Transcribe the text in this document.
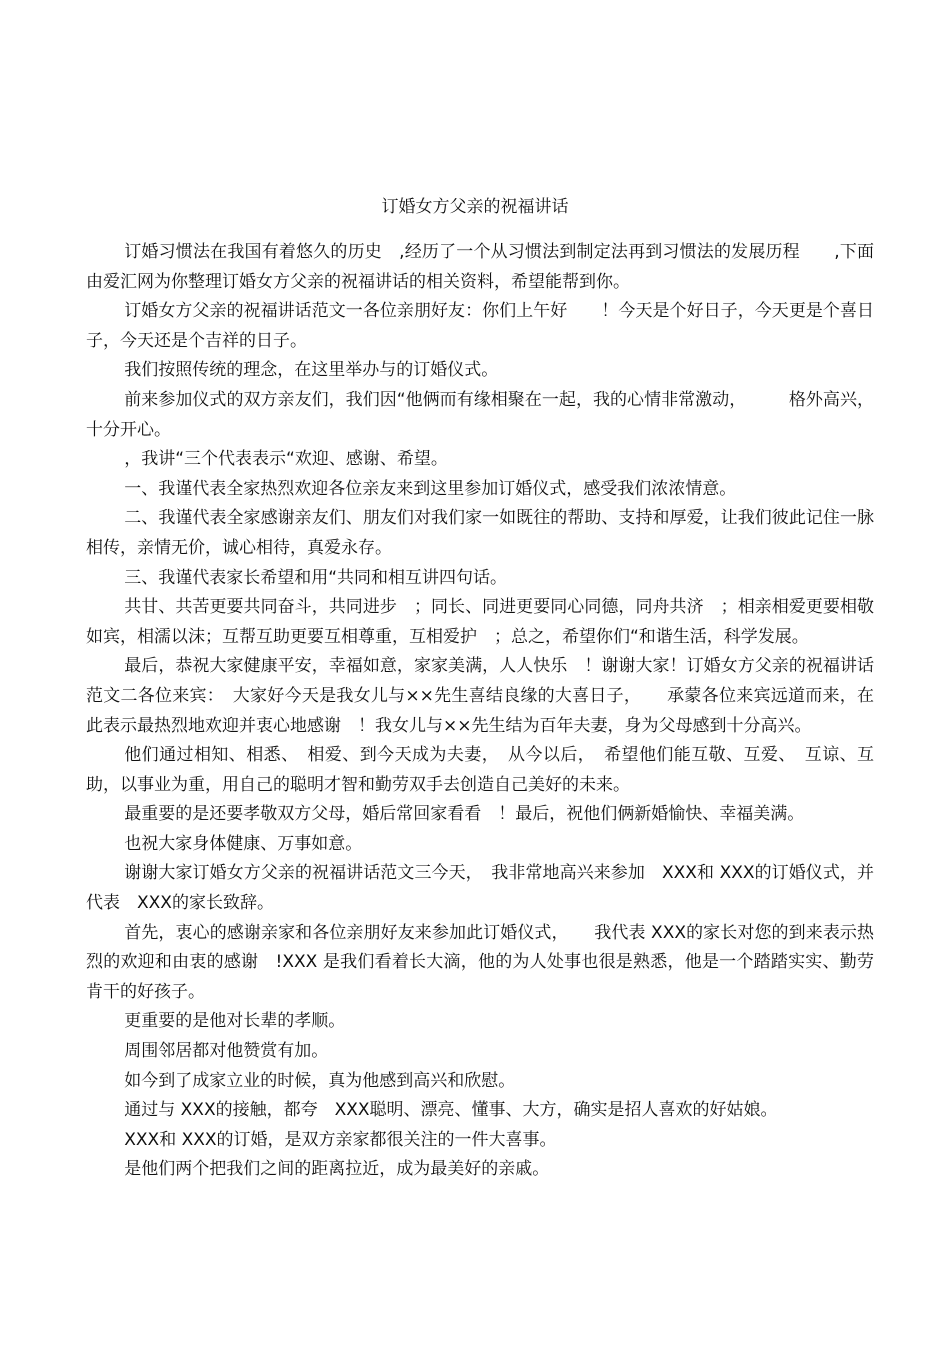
订婚女方父亲的祝福讲话

订婚习惯法在我国有着悠久的历史　,经历了一个从习惯法到制定法再到习惯法的发展历程　　,下面由爱汇网为你整理订婚女方父亲的祝福讲话的相关资料，希望能帮到你。

订婚女方父亲的祝福讲话范文一各位亲朋好友：你们上午好　　！今天是个好日子，今天更是个喜日子，今天还是个吉祥的日子。

我们按照传统的理念，在这里举办与的订婚仪式。

前来参加仪式的双方亲友们，我们因“他俩而有缘相聚在一起，我的心情非常激动，　　　格外高兴，十分开心。

，我讲“三个代表表示“欢迎、感谢、希望。

一、我谨代表全家热烈欢迎各位亲友来到这里参加订婚仪式，感受我们浓浓情意。

二、我谨代表全家感谢亲友们、朋友们对我们家一如既往的帮助、支持和厚爱，让我们彼此记住一脉相传，亲情无价，诚心相待，真爱永存。

三、我谨代表家长希望和用“共同和相互讲四句话。

共甘、共苦更要共同奋斗，共同进步　；同长、同进更要同心同德，同舟共济　；相亲相爱更要相敬如宾，相濡以沫；互帮互助更要互相尊重，互相爱护　；总之，希望你们“和谐生活，科学发展。

最后，恭祝大家健康平安，幸福如意，家家美满，人人快乐　！谢谢大家！订婚女方父亲的祝福讲话范文二各位来宾：　大家好今天是我女儿与××先生喜结良缘的大喜日子，　　承蒙各位来宾远道而来，在此表示最热烈地欢迎并衷心地感谢　！我女儿与××先生结为百年夫妻，身为父母感到十分高兴。

他们通过相知、相悉、　相爱、到今天成为夫妻，　从今以后，　希望他们能互敬、互爱、　互谅、互助，以事业为重，用自己的聪明才智和勤劳双手去创造自己美好的未来。

最重要的是还要孝敬双方父母，婚后常回家看看　！最后，祝他们俩新婚愉快、幸福美满。

也祝大家身体健康、万事如意。

谢谢大家订婚女方父亲的祝福讲话范文三今天，　我非常地高兴来参加　XXX和 XXX的订婚仪式，并代表　XXX的家长致辞。

首先，衷心的感谢亲家和各位亲朋好友来参加此订婚仪式，　　我代表 XXX的家长对您的到来表示热烈的欢迎和由衷的感谢　!XXX 是我们看着长大滴，他的为人处事也很是熟悉，他是一个踏踏实实、勤劳肯干的好孩子。

更重要的是他对长辈的孝顺。

周围邻居都对他赞赏有加。

如今到了成家立业的时候，真为他感到高兴和欣慰。

通过与 XXX的接触，都夸　XXX聪明、漂亮、懂事、大方，确实是招人喜欢的好姑娘。

XXX和 XXX的订婚，是双方亲家都很关注的一件大喜事。

是他们两个把我们之间的距离拉近，成为最美好的亲戚。
